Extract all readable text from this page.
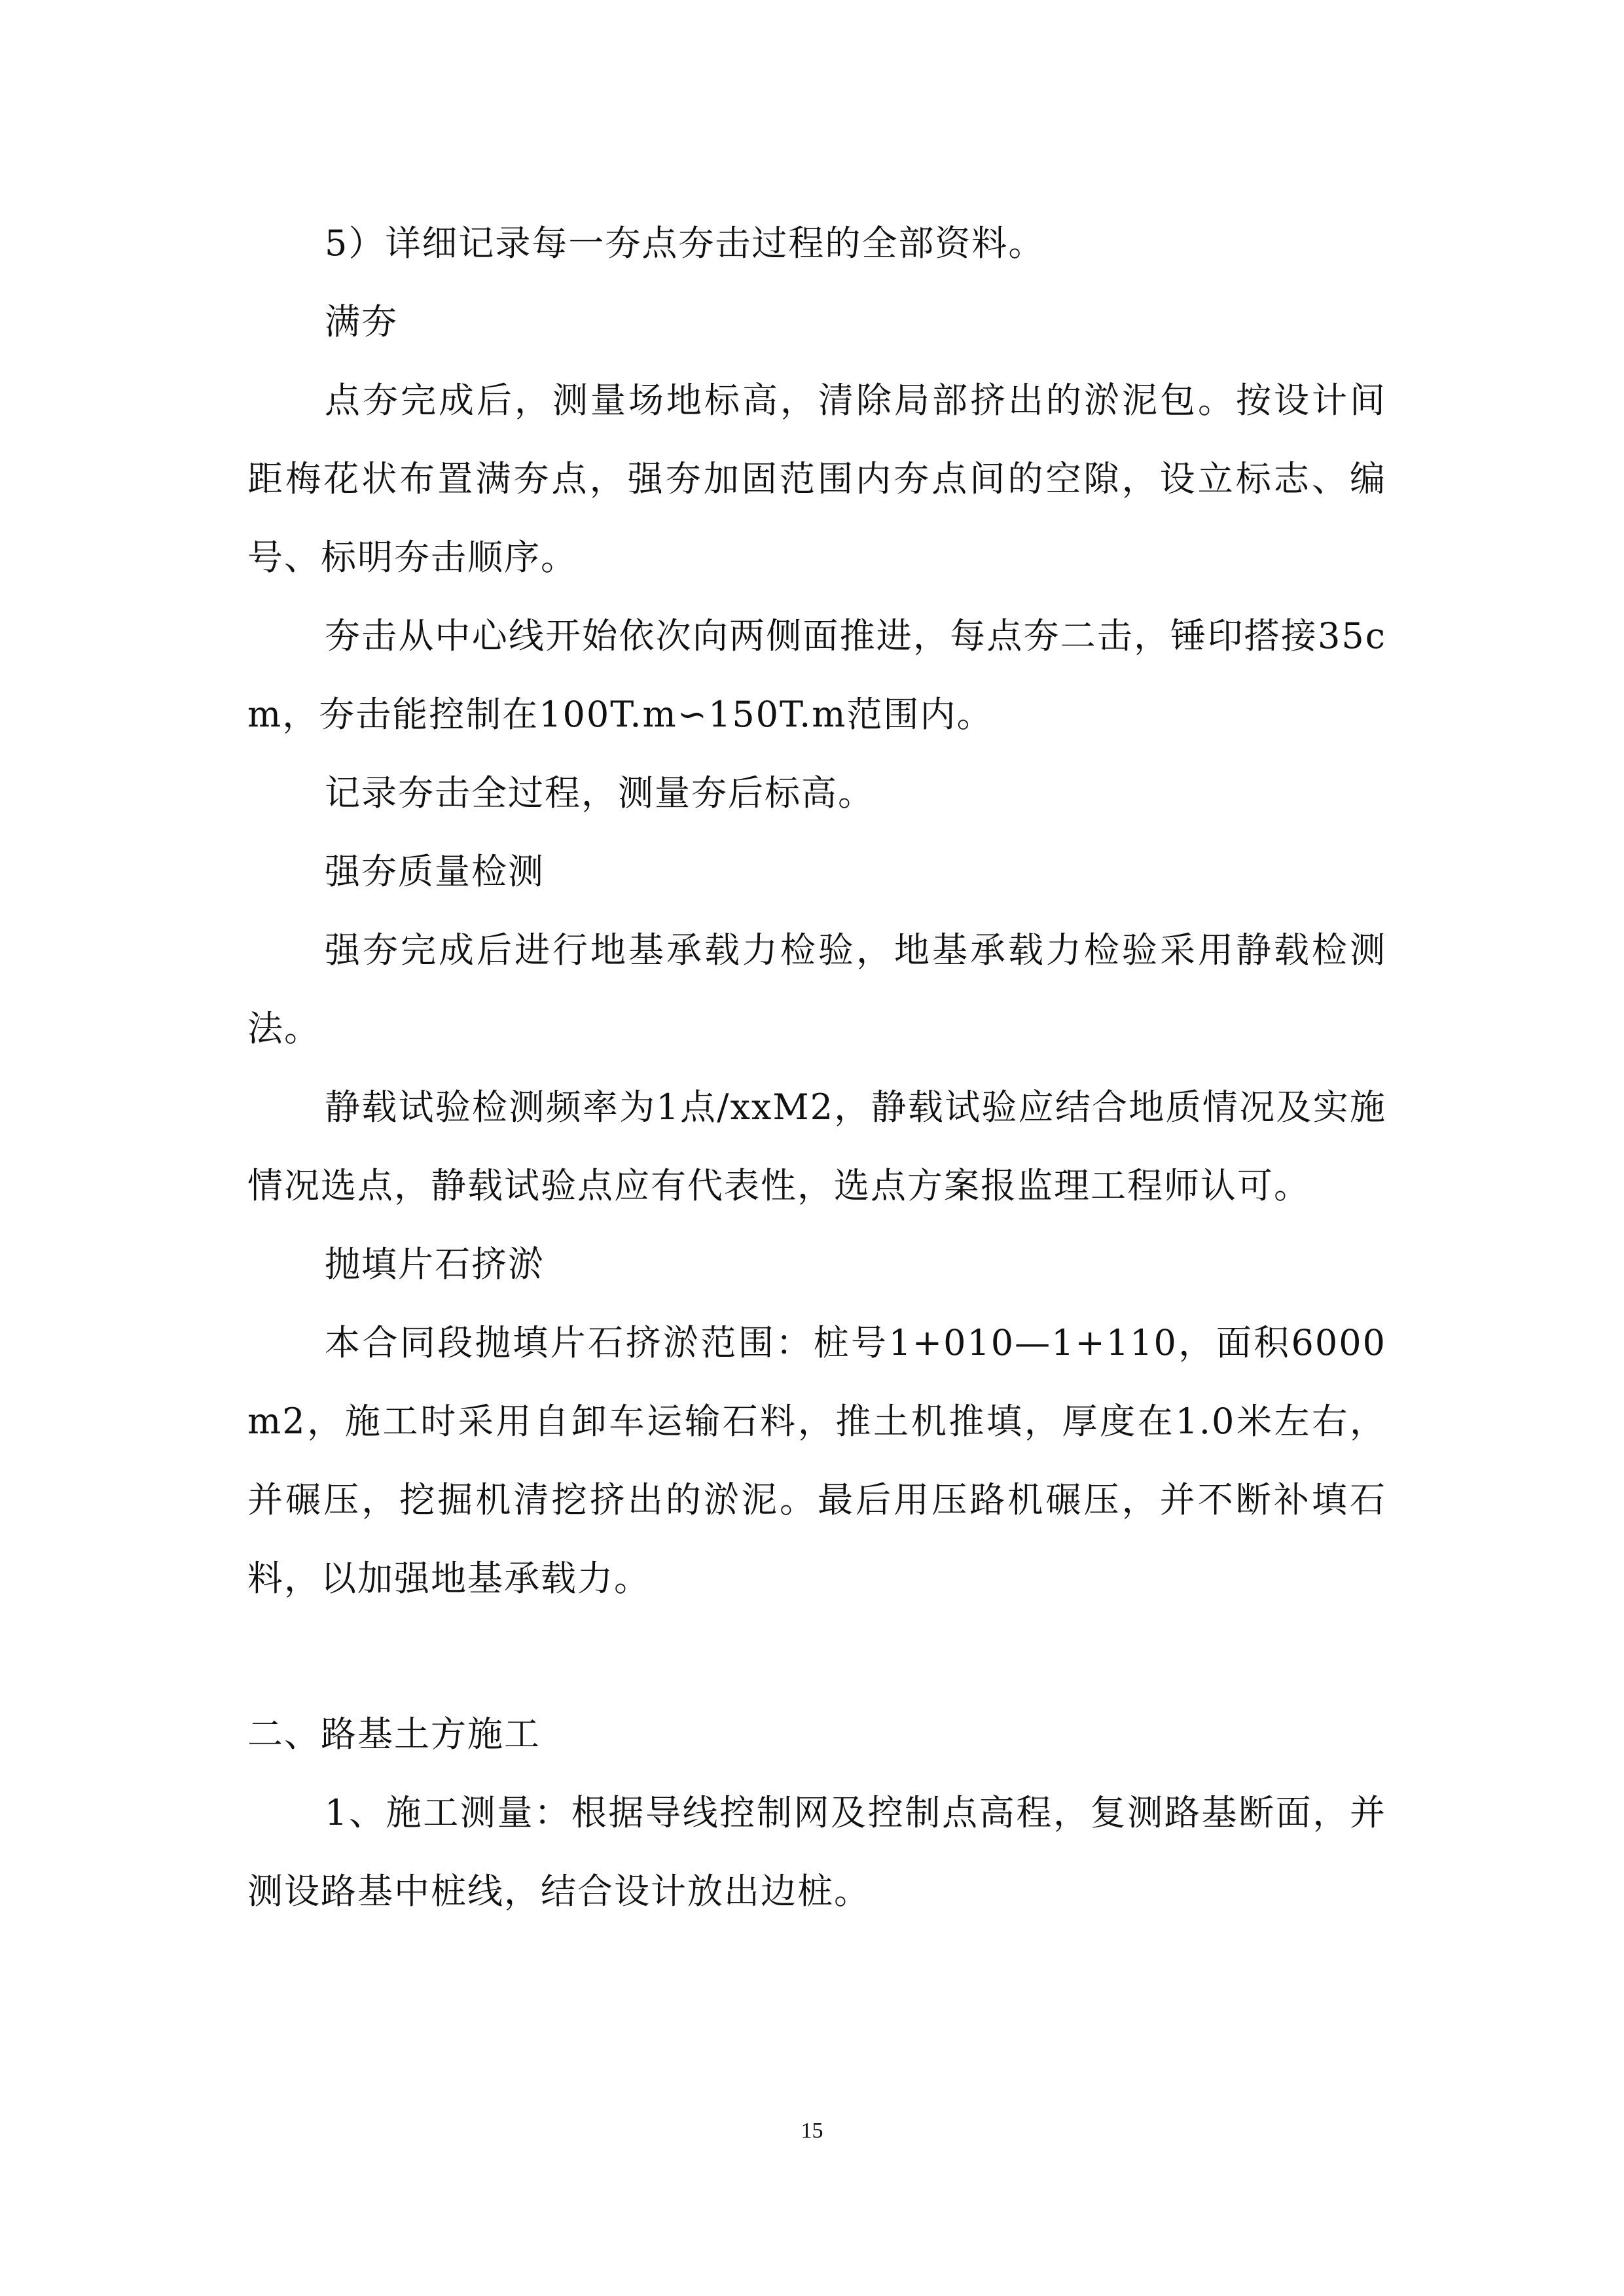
5）详细记录每一夯点夯击过程的全部资料。

满夯

点夯完成后，测量场地标高，清除局部挤出的淤泥包。按设计间距梅花状布置满夯点，强夯加固范围内夯点间的空隙，设立标志、编号、标明夯击顺序。

夯击从中心线开始依次向两侧面推进，每点夯二击，锤印搭接35cm，夯击能控制在100T.m∽150T.m范围内。

记录夯击全过程，测量夯后标高。

强夯质量检测

强夯完成后进行地基承载力检验，地基承载力检验采用静载检测法。

静载试验检测频率为1点/xxM2，静载试验应结合地质情况及实施情况选点，静载试验点应有代表性，选点方案报监理工程师认可。

抛填片石挤淤

本合同段抛填片石挤淤范围：桩号1+010—1+110，面积6000m2，施工时采用自卸车运输石料，推土机推填，厚度在1.0米左右，并碾压，挖掘机清挖挤出的淤泥。最后用压路机碾压，并不断补填石料，以加强地基承载力。

二、路基土方施工

1、施工测量：根据导线控制网及控制点高程，复测路基断面，并测设路基中桩线，结合设计放出边桩。

15
